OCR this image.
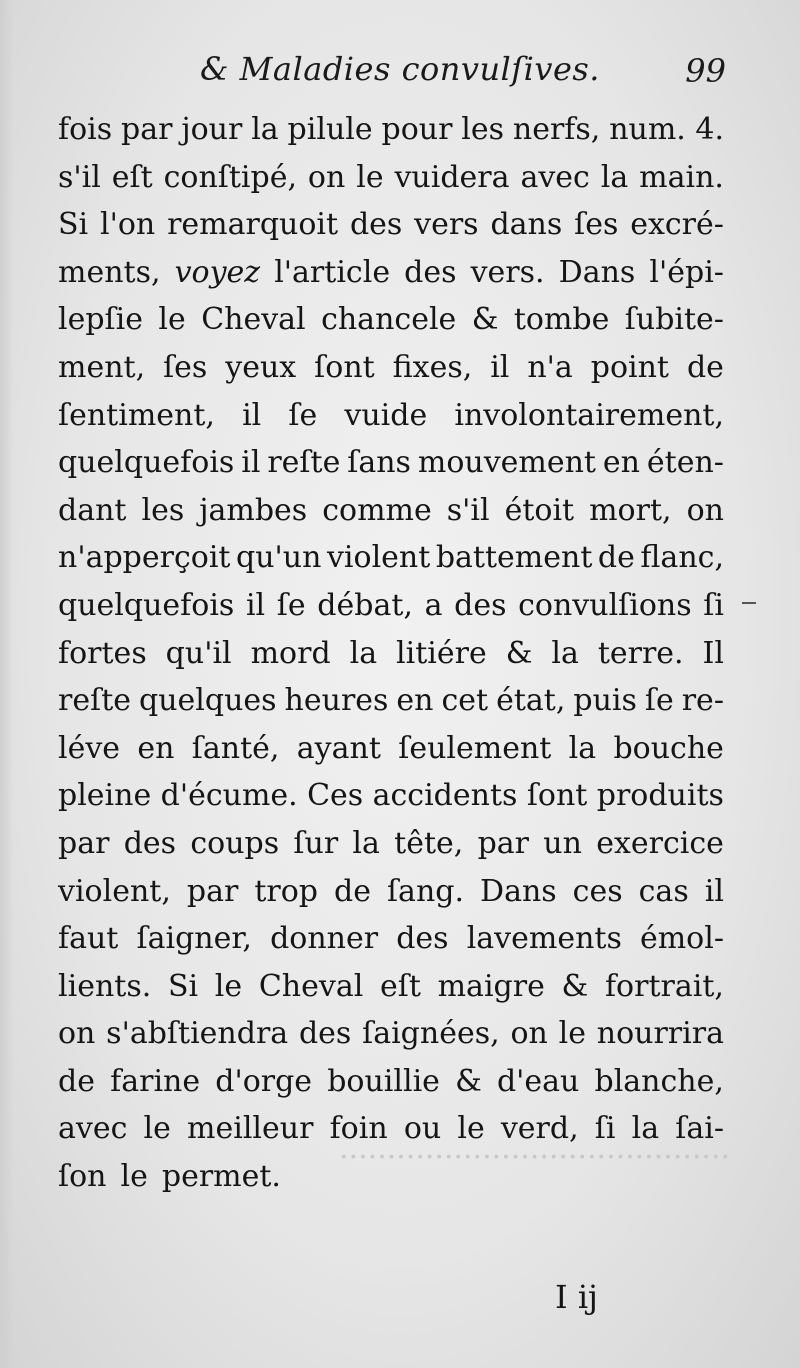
·········································
& Maladies convulſives.	99
fois par jour la pilule pour les nerfs, num. 4.
s'il eſt conſtipé, on le vuidera avec la main.
Si l'on remarquoit des vers dans ſes excré-
ments, voyez l'article des vers. Dans l'épi-
lepſie le Cheval chancele & tombe ſubite-
ment, ſes yeux ſont fixes, il n'a point de
ſentiment, il ſe vuide involontairement,
quelquefois il reſte ſans mouvement en éten-
dant les jambes comme s'il étoit mort, on
n'apperçoit qu'un violent battement de flanc,
quelquefois il ſe débat, a des convulſions ſi
fortes qu'il mord la litiére & la terre. Il
reſte quelques heures en cet état, puis ſe re-
léve en ſanté, ayant ſeulement la bouche
pleine d'écume. Ces accidents ſont produits
par des coups ſur la tête, par un exercice
violent, par trop de ſang. Dans ces cas il
faut ſaigner, donner des lavements émol-
lients. Si le Cheval eſt maigre & fortrait,
on s'abſtiendra des ſaignées, on le nourrira
de farine d'orge bouillie & d'eau blanche,
avec le meilleur foin ou le verd, ſi la ſai-
ſon le permet.
I ij
